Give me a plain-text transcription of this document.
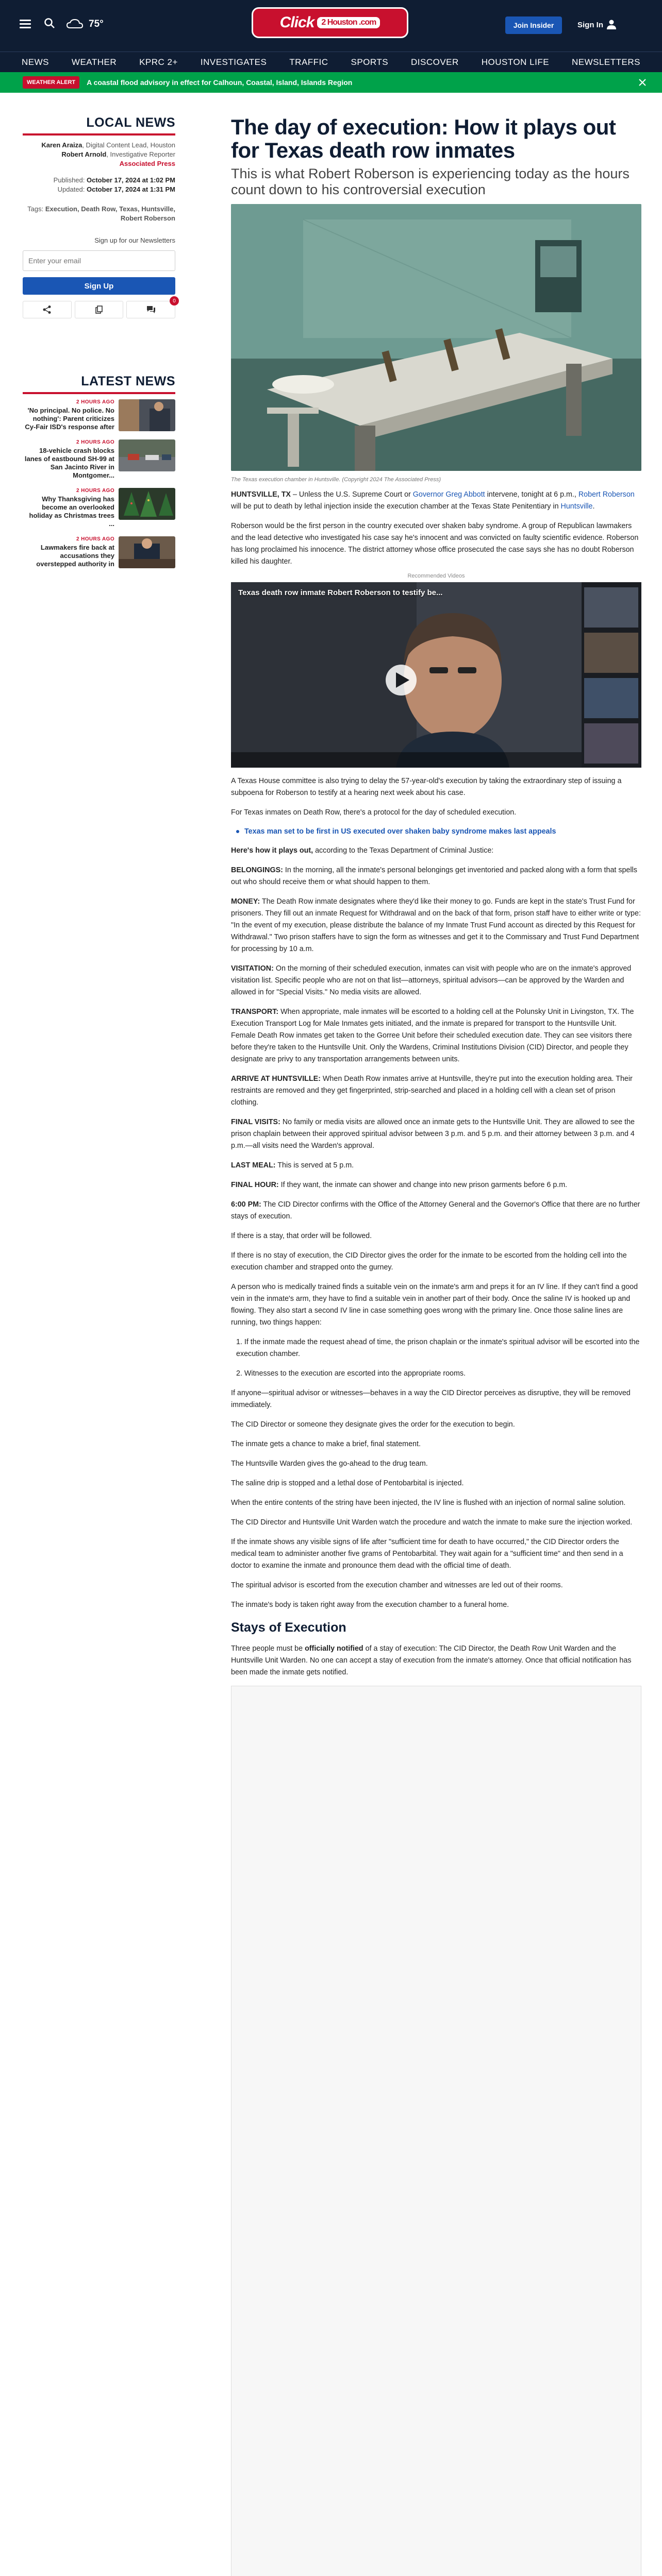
75°	Click 2 Houston .com	Join Insider	Sign In
NEWS	WEATHER	KPRC 2+	INVESTIGATES	TRAFFIC	SPORTS	DISCOVER	HOUSTON LIFE	NEWSLETTERS
WEATHER ALERT	A coastal flood advisory in effect for Calhoun, Coastal, Island, Islands Region
LOCAL NEWS
Karen Araiza, Digital Content Lead, Houston
Robert Arnold, Investigative Reporter
Associated Press
Published: October 17, 2024 at 1:02 PM
Updated: October 17, 2024 at 1:31 PM
Tags: Execution, Death Row, Texas, Huntsville, Robert Roberson
Sign up for our Newsletters
Enter your email
Sign Up
0
LATEST NEWS
2 HOURS AGO
'No principal. No police. No nothing': Parent criticizes Cy-Fair ISD's response after
2 HOURS AGO
18-vehicle crash blocks lanes of eastbound SH-99 at San Jacinto River in Montgomer...
2 HOURS AGO
Why Thanksgiving has become an overlooked holiday as Christmas trees ...
2 HOURS AGO
Lawmakers fire back at accusations they overstepped authority in
The day of execution: How it plays out for Texas death row inmates
This is what Robert Roberson is experiencing today as the hours count down to his controversial execution
The Texas execution chamber in Huntsville. (Copyright 2024 The Associated Press)

HUNTSVILLE, TX – Unless the U.S. Supreme Court or Governor Greg Abbott intervene, tonight at 6 p.m., Robert Roberson will be put to death by lethal injection inside the execution chamber at the Texas State Penitentiary in Huntsville.

Roberson would be the first person in the country executed over shaken baby syndrome. A group of Republican lawmakers and the lead detective who investigated his case say he's innocent and was convicted on faulty scientific evidence. Roberson has long proclaimed his innocence. The district attorney whose office prosecuted the case says she has no doubt Roberson killed his daughter.

Recommended Videos
Texas death row inmate Robert Roberson to testify be...

A Texas House committee is also trying to delay the 57-year-old's execution by taking the extraordinary step of issuing a subpoena for Roberson to testify at a hearing next week about his case.

For Texas inmates on Death Row, there's a protocol for the day of scheduled execution.

Texas man set to be first in US executed over shaken baby syndrome makes last appeals

Here's how it plays out, according to the Texas Department of Criminal Justice:

BELONGINGS: In the morning, all the inmate's personal belongings get inventoried and packed along with a form that spells out who should receive them or what should happen to them.

MONEY: The Death Row inmate designates where they'd like their money to go. Funds are kept in the state's Trust Fund for prisoners. They fill out an inmate Request for Withdrawal and on the back of that form, prison staff have to either write or type: "In the event of my execution, please distribute the balance of my Inmate Trust Fund account as directed by this Request for Withdrawal." Two prison staffers have to sign the form as witnesses and get it to the Commissary and Trust Fund Department for processing by 10 a.m.

VISITATION: On the morning of their scheduled execution, inmates can visit with people who are on the inmate's approved visitation list. Specific people who are not on that list—attorneys, spiritual advisors—can be approved by the Warden and allowed in for "Special Visits." No media visits are allowed.

TRANSPORT: When appropriate, male inmates will be escorted to a holding cell at the Polunsky Unit in Livingston, TX. The Execution Transport Log for Male Inmates gets initiated, and the inmate is prepared for transport to the Huntsville Unit. Female Death Row inmates get taken to the Gorree Unit before their scheduled execution date. They can see visitors there before they're taken to the Huntsville Unit. Only the Wardens, Criminal Institutions Division (CID) Director, and people they designate are privy to any transportation arrangements between units.

ARRIVE AT HUNTSVILLE: When Death Row inmates arrive at Huntsville, they're put into the execution holding area. Their restraints are removed and they get fingerprinted, strip-searched and placed in a holding cell with a clean set of prison clothing.

FINAL VISITS: No family or media visits are allowed once an inmate gets to the Huntsville Unit. They are allowed to see the prison chaplain between their approved spiritual advisor between 3 p.m. and 5 p.m. and their attorney between 3 p.m. and 4 p.m.—all visits need the Warden's approval.

LAST MEAL: This is served at 5 p.m.

FINAL HOUR: If they want, the inmate can shower and change into new prison garments before 6 p.m.

6:00 PM: The CID Director confirms with the Office of the Attorney General and the Governor's Office that there are no further stays of execution.

If there is a stay, that order will be followed.

If there is no stay of execution, the CID Director gives the order for the inmate to be escorted from the holding cell into the execution chamber and strapped onto the gurney.

A person who is medically trained finds a suitable vein on the inmate's arm and preps it for an IV line. If they can't find a good vein in the inmate's arm, they have to find a suitable vein in another part of their body. Once the saline IV is hooked up and flowing. They also start a second IV line in case something goes wrong with the primary line. Once those saline lines are running, two things happen:

1. If the inmate made the request ahead of time, the prison chaplain or the inmate's spiritual advisor will be escorted into the execution chamber.

2. Witnesses to the execution are escorted into the appropriate rooms.

If anyone—spiritual advisor or witnesses—behaves in a way the CID Director perceives as disruptive, they will be removed immediately.

The CID Director or someone they designate gives the order for the execution to begin.

The inmate gets a chance to make a brief, final statement.

The Huntsville Warden gives the go-ahead to the drug team.

The saline drip is stopped and a lethal dose of Pentobarbital is injected.

When the entire contents of the string have been injected, the IV line is flushed with an injection of normal saline solution.

The CID Director and Huntsville Unit Warden watch the procedure and watch the inmate to make sure the injection worked.

If the inmate shows any visible signs of life after "sufficient time for death to have occurred," the CID Director orders the medical team to administer another five grams of Pentobarbital. They wait again for a "sufficient time" and then send in a doctor to examine the inmate and pronounce them dead with the official time of death.

The spiritual advisor is escorted from the execution chamber and witnesses are led out of their rooms.

The inmate's body is taken right away from the execution chamber to a funeral home.

Stays of Execution

Three people must be officially notified of a stay of execution: The CID Director, the Death Row Unit Warden and the Huntsville Unit Warden. No one can accept a stay of execution from the inmate's attorney. Once that official notification has been made the inmate gets notified.
